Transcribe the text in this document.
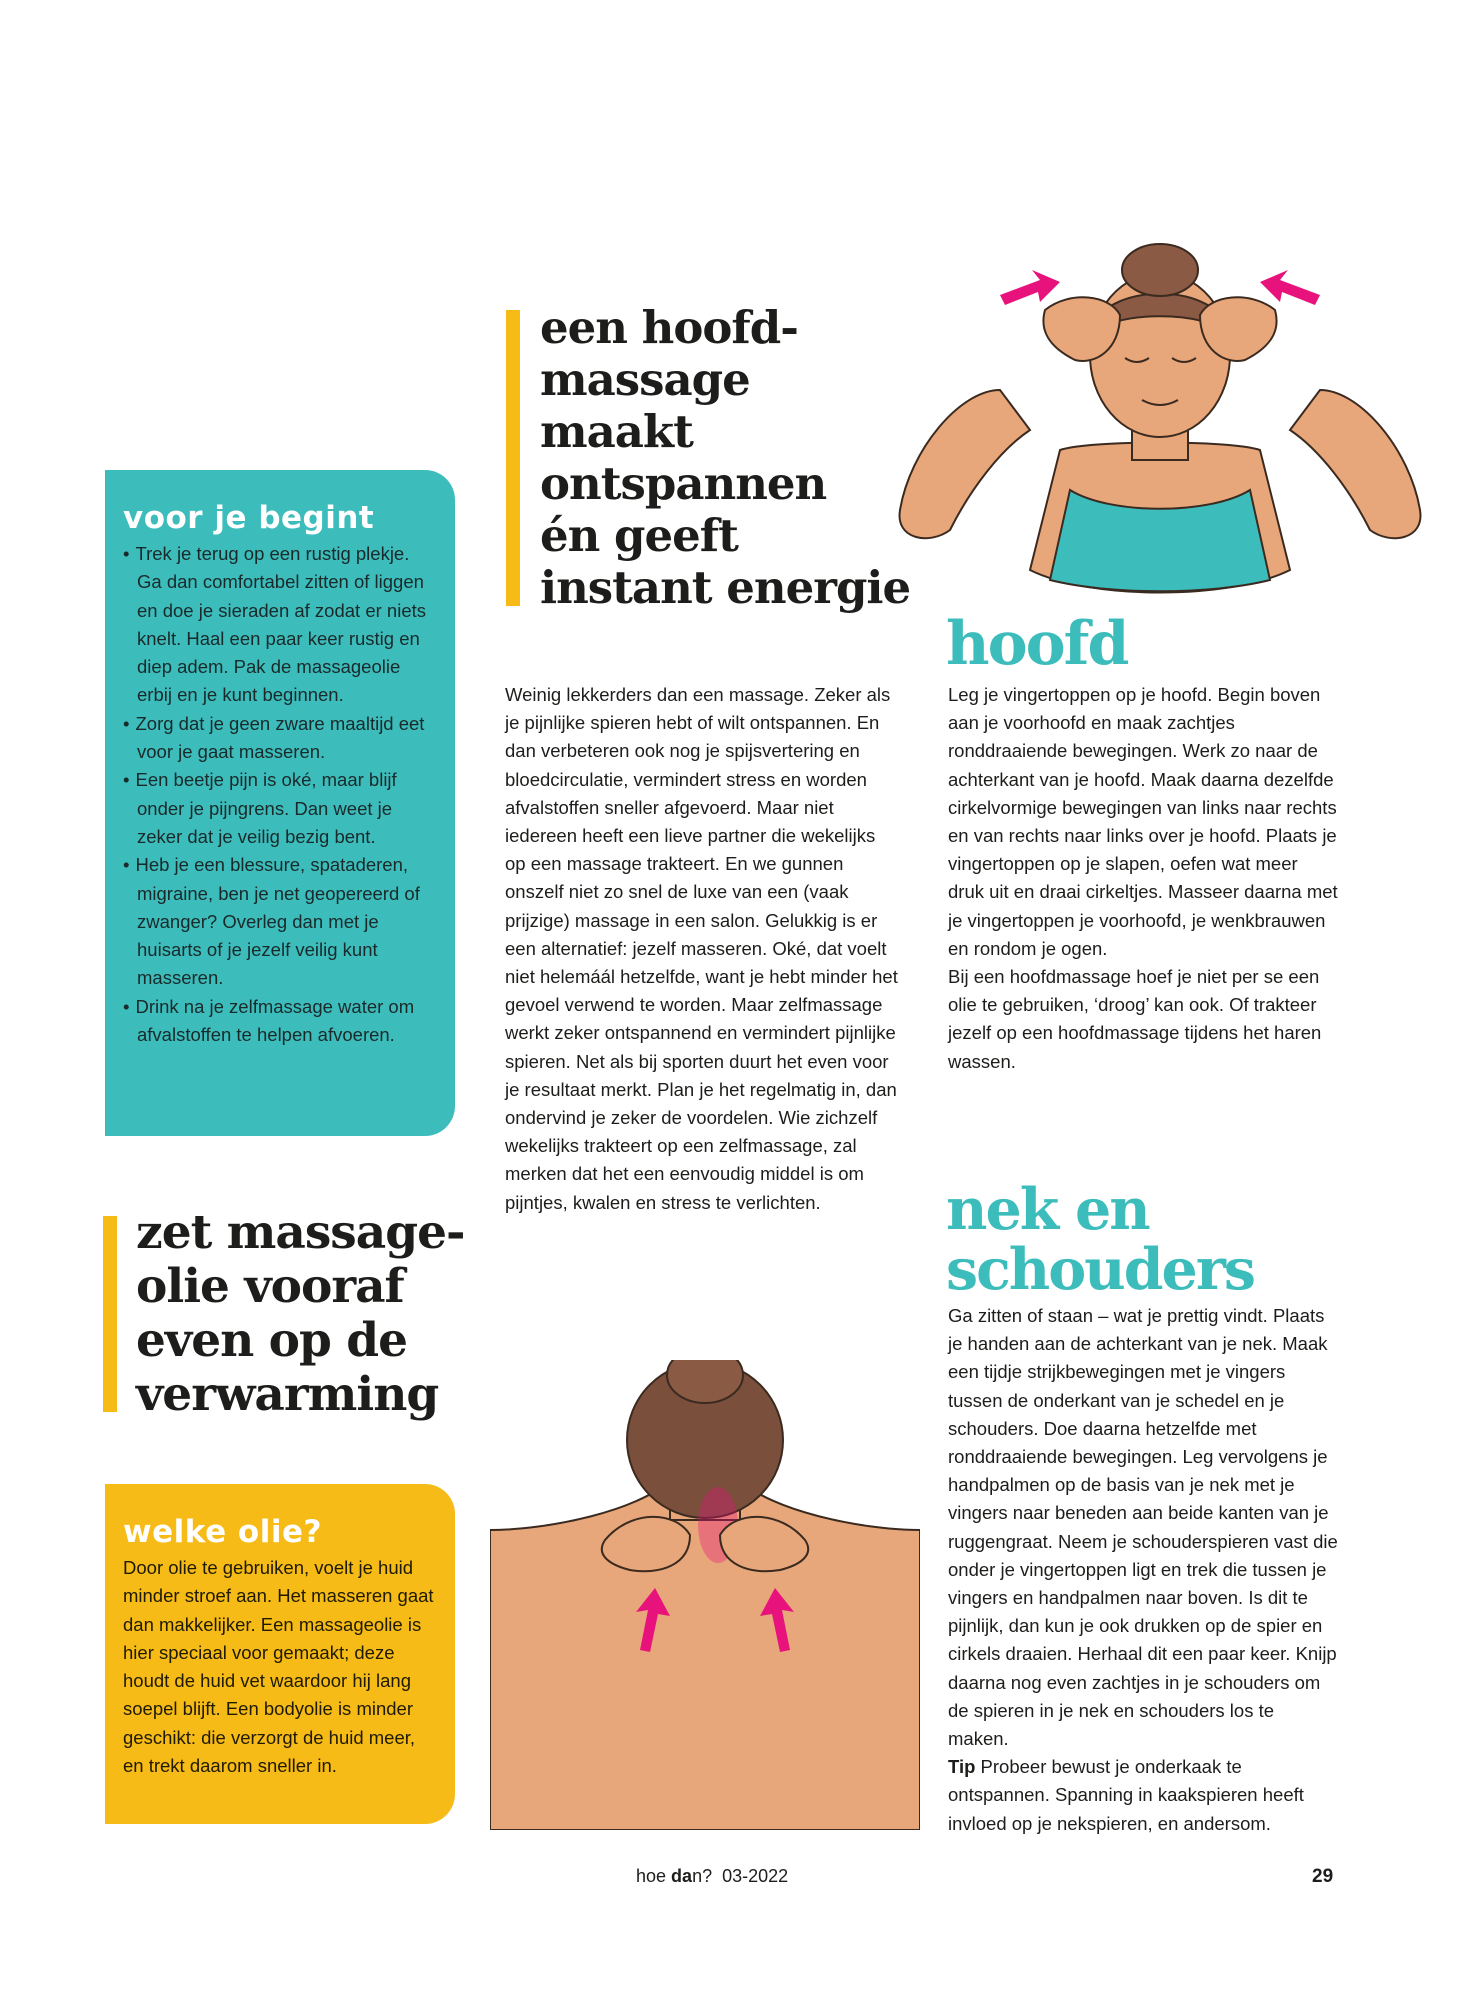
voor je begint
• Trek je terug op een rustig plekje. Ga dan comfortabel zitten of liggen en doe je sieraden af zodat er niets knelt. Haal een paar keer rustig en diep adem. Pak de massageolie erbij en je kunt beginnen.
• Zorg dat je geen zware maaltijd eet voor je gaat masseren.
• Een beetje pijn is oké, maar blijf onder je pijngrens. Dan weet je zeker dat je veilig bezig bent.
• Heb je een blessure, spataderen, migraine, ben je net geopereerd of zwanger? Overleg dan met je huisarts of je jezelf veilig kunt masseren.
• Drink na je zelfmassage water om afvalstoffen te helpen afvoeren.
een hoofd-
massage
maakt
ontspannen
én geeft
instant energie

Weinig lekkerders dan een massage. Zeker als je pijnlijke spieren hebt of wilt ontspannen. En dan verbeteren ook nog je spijsvertering en bloedcirculatie, vermindert stress en worden afvalstoffen sneller afgevoerd. Maar niet iedereen heeft een lieve partner die wekelijks op een massage trakteert. En we gunnen onszelf niet zo snel de luxe van een (vaak prijzige) massage in een salon. Gelukkig is er een alternatief: jezelf masseren. Oké, dat voelt niet helemáál hetzelfde, want je hebt minder het gevoel verwend te worden. Maar zelfmassage werkt zeker ontspannend en vermindert pijnlijke spieren. Net als bij sporten duurt het even voor je resultaat merkt. Plan je het regelmatig in, dan ondervind je zeker de voordelen. Wie zichzelf wekelijks trakteert op een zelfmassage, zal merken dat het een eenvoudig middel is om pijntjes, kwalen en stress te verlichten.

hoofd
Leg je vingertoppen op je hoofd. Begin boven aan je voorhoofd en maak zachtjes ronddraaiende bewegingen. Werk zo naar de achterkant van je hoofd. Maak daarna dezelfde cirkelvormige bewegingen van links naar rechts en van rechts naar links over je hoofd. Plaats je vingertoppen op je slapen, oefen wat meer druk uit en draai cirkeltjes. Masseer daarna met je vingertoppen je voorhoofd, je wenkbrauwen en rondom je ogen.
Bij een hoofdmassage hoef je niet per se een olie te gebruiken, ‘droog’ kan ook. Of trakteer jezelf op een hoofdmassage tijdens het haren wassen.
zet massage-
olie vooraf
even op de
verwarming
nek en
schouders
Ga zitten of staan – wat je prettig vindt. Plaats je handen aan de achterkant van je nek. Maak een tijdje strijkbewegingen met je vingers tussen de onderkant van je schedel en je schouders. Doe daarna hetzelfde met ronddraaiende bewegingen. Leg vervolgens je handpalmen op de basis van je nek met je vingers naar beneden aan beide kanten van je ruggengraat. Neem je schouderspieren vast die onder je vingertoppen ligt en trek die tussen je vingers en handpalmen naar boven. Is dit te pijnlijk, dan kun je ook drukken op de spier en cirkels draaien. Herhaal dit een paar keer. Knijp daarna nog even zachtjes in je schouders om de spieren in je nek en schouders los te maken.
Tip Probeer bewust je onderkaak te ontspannen. Spanning in kaakspieren heeft invloed op je nekspieren, en andersom.
welke olie?

Door olie te gebruiken, voelt je huid minder stroef aan. Het masseren gaat dan makkelijker. Een massageolie is hier speciaal voor gemaakt; deze houdt de huid vet waardoor hij lang soepel blijft. Een bodyolie is minder geschikt: die verzorgt de huid meer, en trekt daarom sneller in.

hoe dan? 03-2022	29
